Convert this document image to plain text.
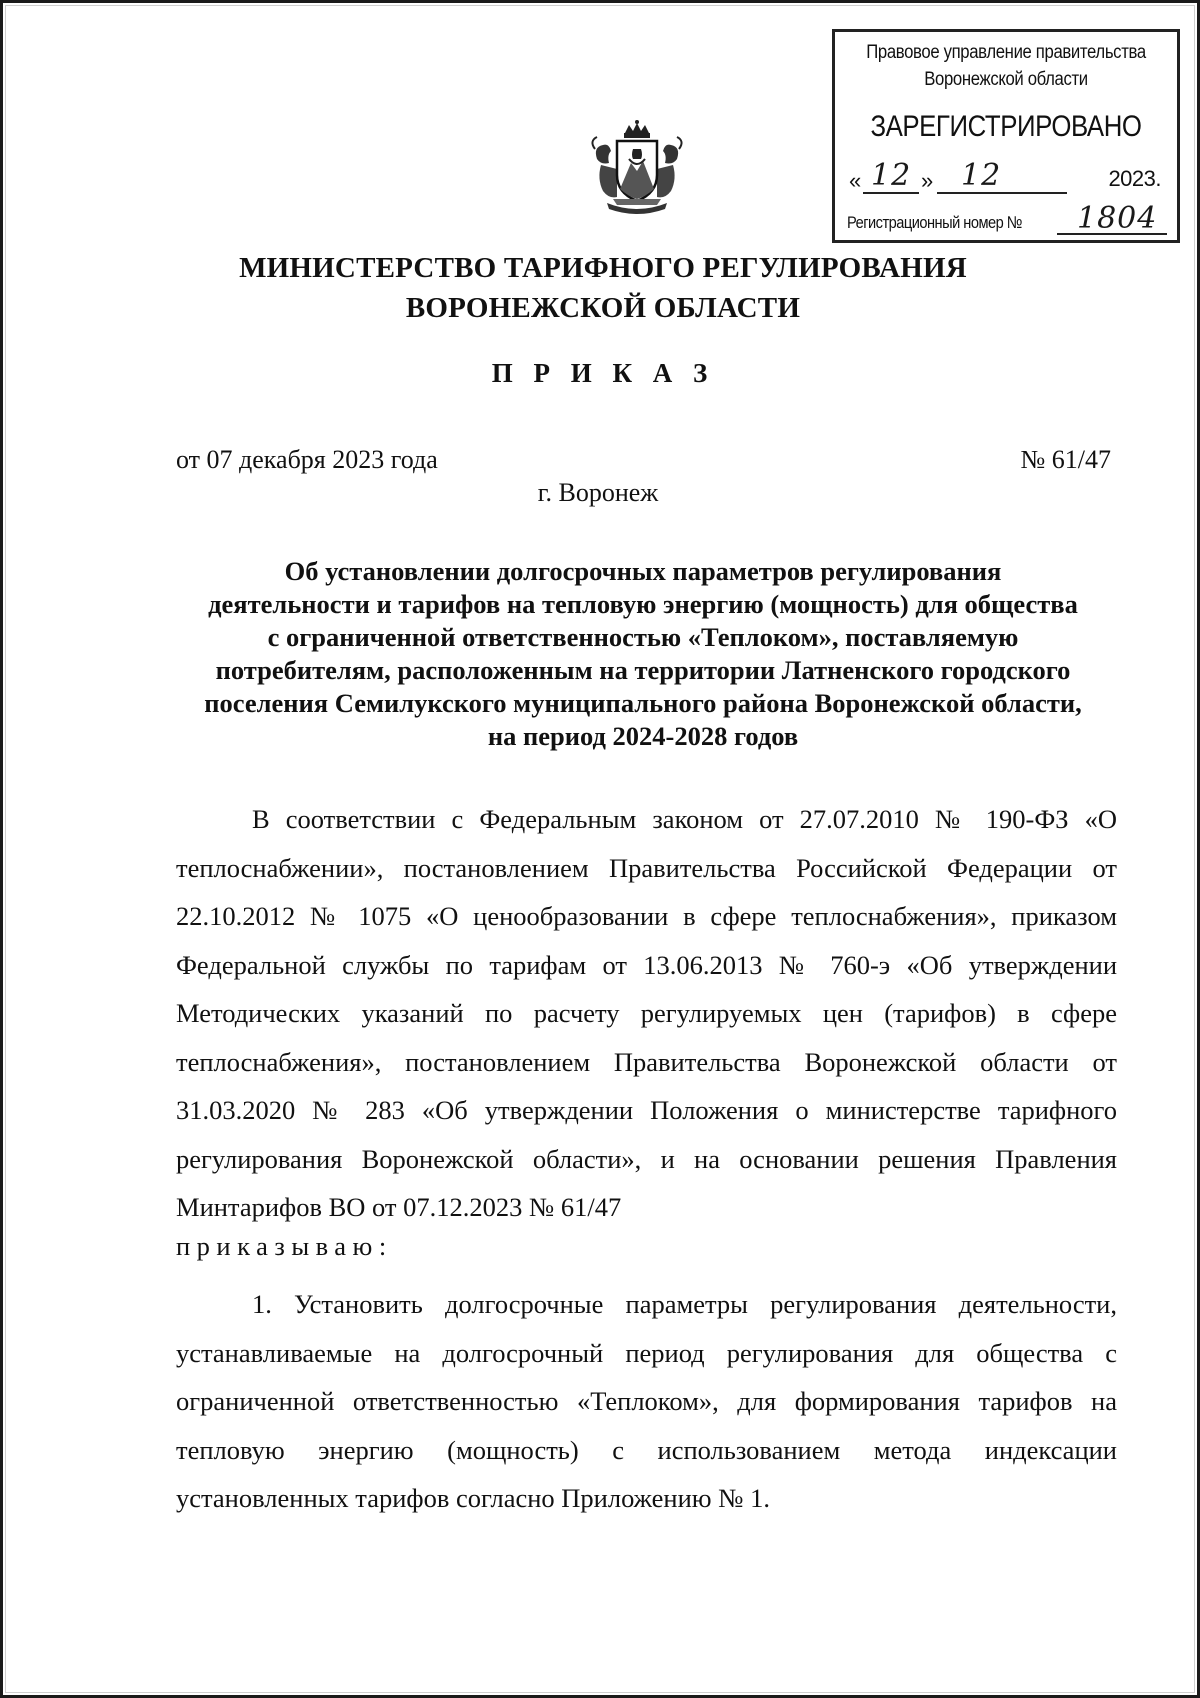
Правовое управление правительства
Воронежской области
ЗАРЕГИСТРИРОВАНО
« 12 » 12	2023.
Регистрационный номер № 1804
МИНИСТЕРСТВО ТАРИФНОГО РЕГУЛИРОВАНИЯ
ВОРОНЕЖСКОЙ ОБЛАСТИ
П Р И К А З
от 07 декабря 2023 года	№ 61/47
г. Воронеж
Об установлении долгосрочных параметров регулирования
деятельности и тарифов на тепловую энергию (мощность) для общества
с ограниченной ответственностью «Теплоком», поставляемую
потребителям, расположенным на территории Латненского городского
поселения Семилукского муниципального района Воронежской области,
на период 2024-2028 годов
В соответствии с Федеральным законом от 27.07.2010 № 190-ФЗ «О теплоснабжении», постановлением Правительства Российской Федерации от 22.10.2012 № 1075 «О ценообразовании в сфере теплоснабжения», приказом Федеральной службы по тарифам от 13.06.2013 № 760-э «Об утверждении Методических указаний по расчету регулируемых цен (тарифов) в сфере теплоснабжения», постановлением Правительства Воронежской области от 31.03.2020 № 283 «Об утверждении Положения о министерстве тарифного регулирования Воронежской области», и на основании решения Правления Минтарифов ВО от 07.12.2023 № 61/47
приказываю:
1. Установить долгосрочные параметры регулирования деятельности, устанавливаемые на долгосрочный период регулирования для общества с ограниченной ответственностью «Теплоком», для формирования тарифов на тепловую энергию (мощность) с использованием метода индексации установленных тарифов согласно Приложению № 1.
